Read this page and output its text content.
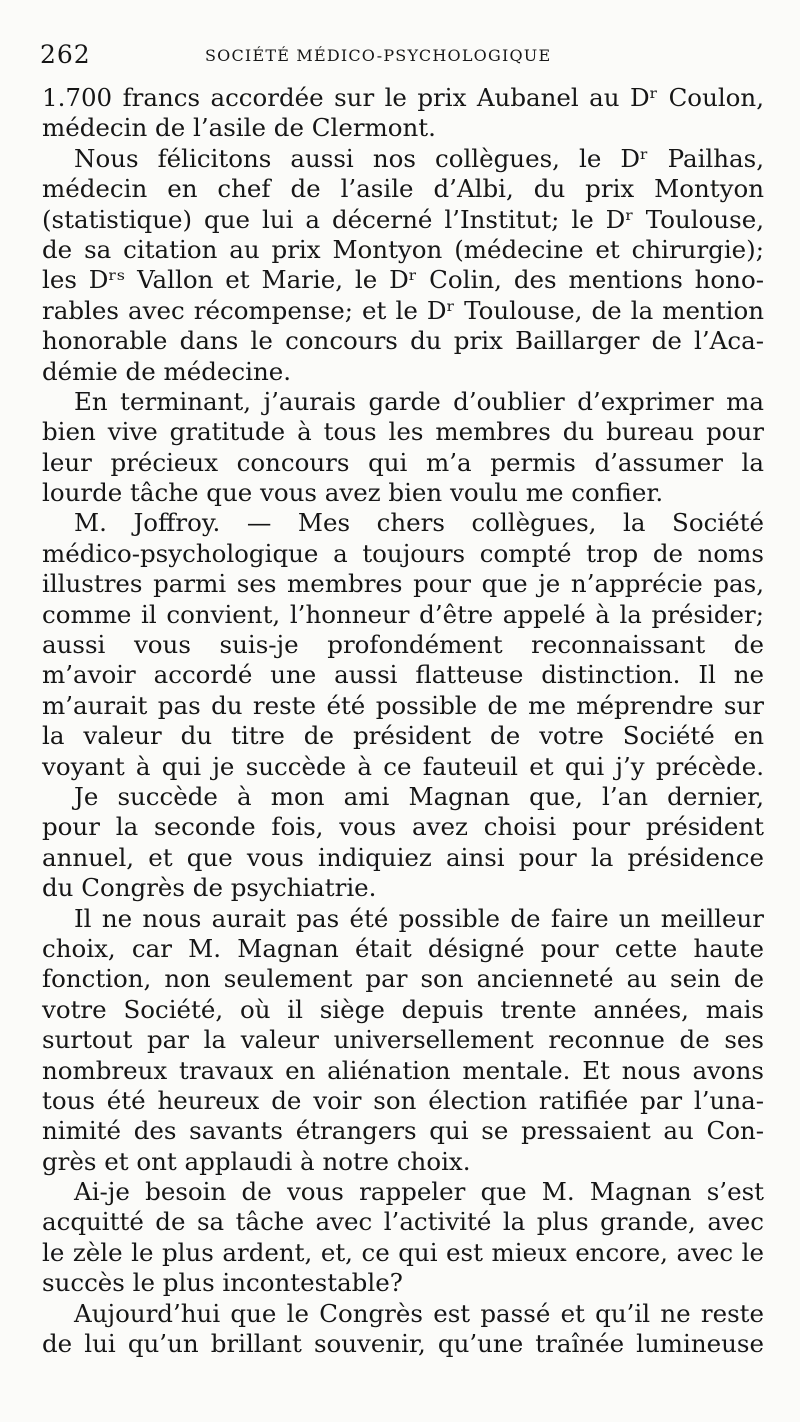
262	SOCIÉTÉ MÉDICO-PSYCHOLOGIQUE
1.700 francs accordée sur le prix Aubanel au Dʳ Coulon,
médecin de l’asile de Clermont.
Nous félicitons aussi nos collègues, le Dʳ Pailhas,
médecin en chef de l’asile d’Albi, du prix Montyon
(statistique) que lui a décerné l’Institut; le Dʳ Toulouse,
de sa citation au prix Montyon (médecine et chirurgie);
les Dʳˢ Vallon et Marie, le Dʳ Colin, des mentions hono-
rables avec récompense; et le Dʳ Toulouse, de la mention
honorable dans le concours du prix Baillarger de l’Aca-
démie de médecine.
En terminant, j’aurais garde d’oublier d’exprimer ma
bien vive gratitude à tous les membres du bureau pour
leur précieux concours qui m’a permis d’assumer la
lourde tâche que vous avez bien voulu me confier.
M. Joffroy. — Mes chers collègues, la Société
médico-psychologique a toujours compté trop de noms
illustres parmi ses membres pour que je n’apprécie pas,
comme il convient, l’honneur d’être appelé à la présider;
aussi vous suis-je profondément reconnaissant de
m’avoir accordé une aussi flatteuse distinction. Il ne
m’aurait pas du reste été possible de me méprendre sur
la valeur du titre de président de votre Société en
voyant à qui je succède à ce fauteuil et qui j’y précède.
Je succède à mon ami Magnan que, l’an dernier,
pour la seconde fois, vous avez choisi pour président
annuel, et que vous indiquiez ainsi pour la présidence
du Congrès de psychiatrie.
Il ne nous aurait pas été possible de faire un meilleur
choix, car M. Magnan était désigné pour cette haute
fonction, non seulement par son ancienneté au sein de
votre Société, où il siège depuis trente années, mais
surtout par la valeur universellement reconnue de ses
nombreux travaux en aliénation mentale. Et nous avons
tous été heureux de voir son élection ratifiée par l’una-
nimité des savants étrangers qui se pressaient au Con-
grès et ont applaudi à notre choix.
Ai-je besoin de vous rappeler que M. Magnan s’est
acquitté de sa tâche avec l’activité la plus grande, avec
le zèle le plus ardent, et, ce qui est mieux encore, avec le
succès le plus incontestable?
Aujourd’hui que le Congrès est passé et qu’il ne reste
de lui qu’un brillant souvenir, qu’une traînée lumineuse
